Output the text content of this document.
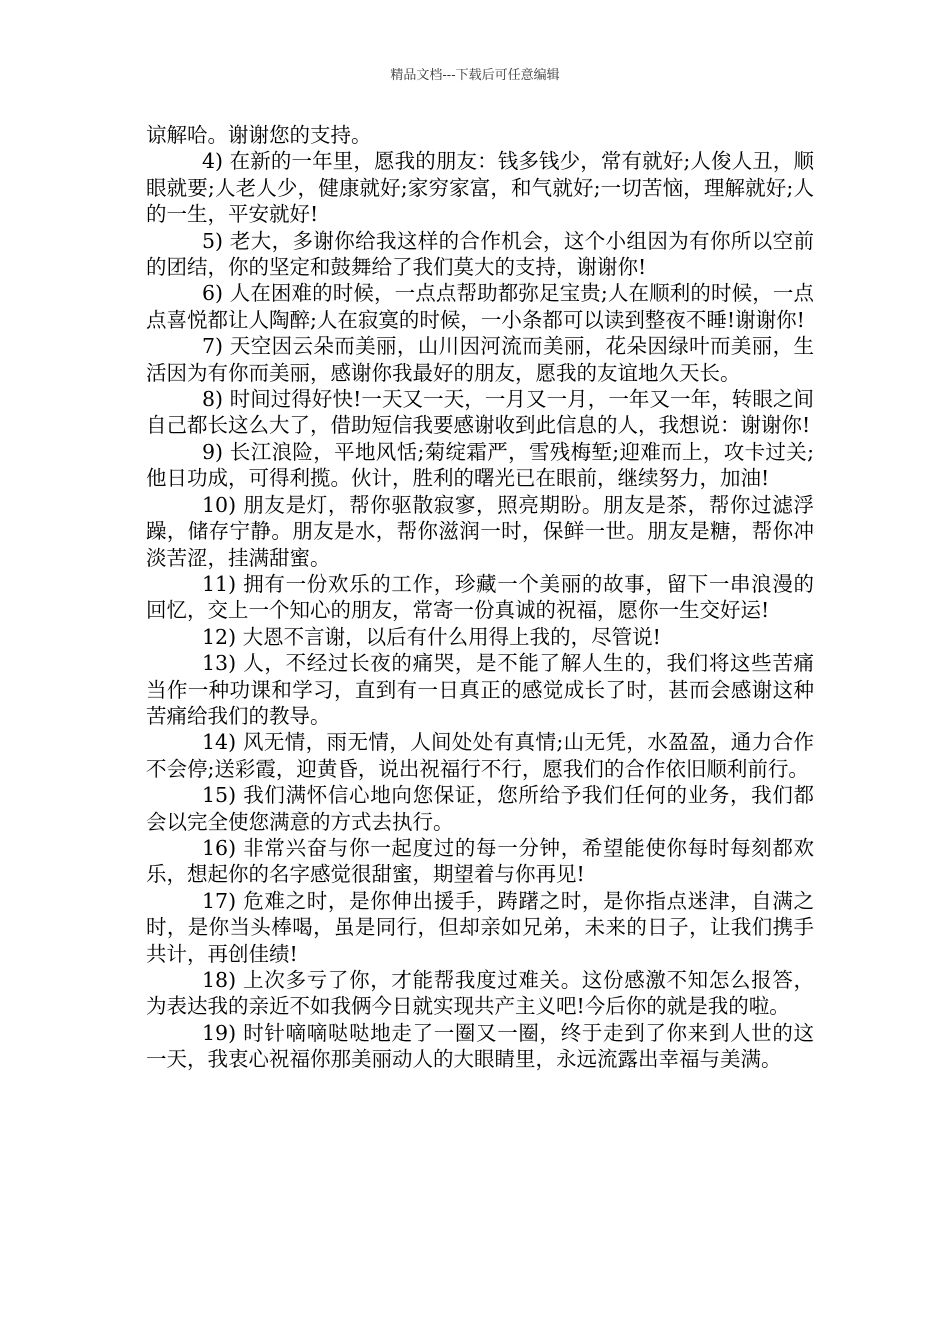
精品文档---下载后可任意编辑

谅解哈。谢谢您的支持。

4) 在新的一年里，愿我的朋友：钱多钱少，常有就好;人俊人丑，顺眼就要;人老人少，健康就好;家穷家富，和气就好;一切苦恼，理解就好;人的一生，平安就好!

5) 老大，多谢你给我这样的合作机会，这个小组因为有你所以空前的团结，你的坚定和鼓舞给了我们莫大的支持，谢谢你!

6) 人在困难的时候，一点点帮助都弥足宝贵;人在顺利的时候，一点点喜悦都让人陶醉;人在寂寞的时候，一小条都可以读到整夜不睡!谢谢你!

7) 天空因云朵而美丽，山川因河流而美丽，花朵因绿叶而美丽，生活因为有你而美丽，感谢你我最好的朋友，愿我的友谊地久天长。

8) 时间过得好快!一天又一天，一月又一月，一年又一年，转眼之间自己都长这么大了，借助短信我要感谢收到此信息的人，我想说：谢谢你!

9) 长江浪险，平地风恬;菊绽霜严，雪残梅堑;迎难而上，攻卡过关;他日功成，可得利揽。伙计，胜利的曙光已在眼前，继续努力，加油!

10) 朋友是灯，帮你驱散寂寥，照亮期盼。朋友是茶，帮你过滤浮躁，储存宁静。朋友是水，帮你滋润一时，保鲜一世。朋友是糖，帮你冲淡苦涩，挂满甜蜜。

11) 拥有一份欢乐的工作，珍藏一个美丽的故事，留下一串浪漫的回忆，交上一个知心的朋友，常寄一份真诚的祝福，愿你一生交好运!

12) 大恩不言谢，以后有什么用得上我的，尽管说!

13) 人，不经过长夜的痛哭，是不能了解人生的，我们将这些苦痛当作一种功课和学习，直到有一日真正的感觉成长了时，甚而会感谢这种苦痛给我们的教导。

14) 风无情，雨无情，人间处处有真情;山无凭，水盈盈，通力合作不会停;送彩霞，迎黄昏，说出祝福行不行，愿我们的合作依旧顺利前行。

15) 我们满怀信心地向您保证，您所给予我们任何的业务，我们都会以完全使您满意的方式去执行。

16) 非常兴奋与你一起度过的每一分钟，希望能使你每时每刻都欢乐，想起你的名字感觉很甜蜜，期望着与你再见!

17) 危难之时，是你伸出援手，踌躇之时，是你指点迷津，自满之时，是你当头棒喝，虽是同行，但却亲如兄弟，未来的日子，让我们携手共计，再创佳绩!

18) 上次多亏了你，才能帮我度过难关。这份感激不知怎么报答，为表达我的亲近不如我俩今日就实现共产主义吧!今后你的就是我的啦。

19) 时针嘀嘀哒哒地走了一圈又一圈，终于走到了你来到人世的这一天，我衷心祝福你那美丽动人的大眼睛里，永远流露出幸福与美满。
